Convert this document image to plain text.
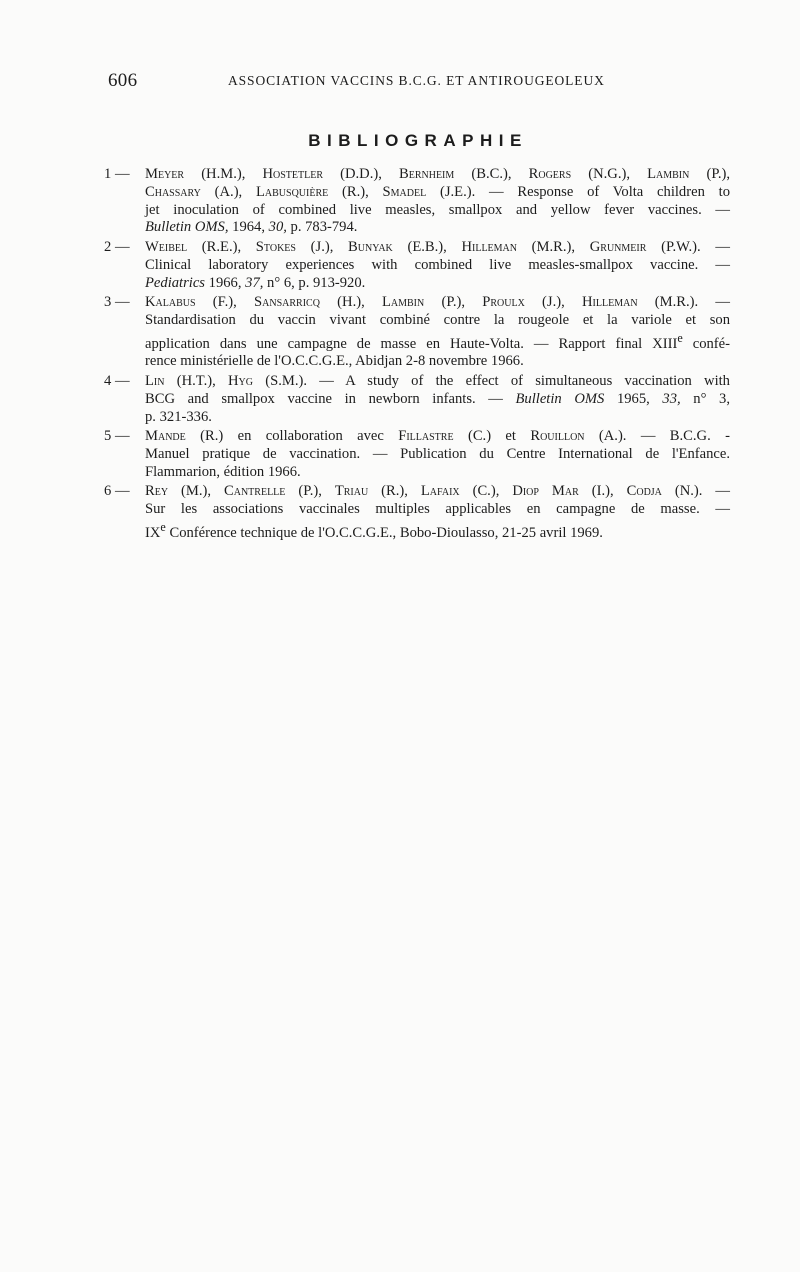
606	ASSOCIATION VACCINS B.C.G. ET ANTIROUGEOLEUX
BIBLIOGRAPHIE
1 — Meyer (H.M.), Hostetler (D.D.), Bernheim (B.C.), Rogers (N.G.), Lambin (P.),
Chassary (A.), Labusquière (R.), Smadel (J.E.). — Response of Volta children to
jet inoculation of combined live measles, smallpox and yellow fever vaccines. —
Bulletin OMS, 1964, 30, p. 783-794.
2 — Weibel (R.E.), Stokes (J.), Bunyak (E.B.), Hilleman (M.R.), Grunmeir (P.W.). —
Clinical laboratory experiences with combined live measles-smallpox vaccine. —
Pediatrics 1966, 37, n° 6, p. 913-920.
3 — Kalabus (F.), Sansarricq (H.), Lambin (P.), Proulx (J.), Hilleman (M.R.). —
Standardisation du vaccin vivant combiné contre la rougeole et la variole et son
application dans une campagne de masse en Haute-Volta. — Rapport final XIIIe confé-
rence ministérielle de l'O.C.C.G.E., Abidjan 2-8 novembre 1966.
4 — Lin (H.T.), Hyg (S.M.). — A study of the effect of simultaneous vaccination with
BCG and smallpox vaccine in newborn infants. — Bulletin OMS 1965, 33, n° 3,
p. 321-336.
5 — Mande (R.) en collaboration avec Fillastre (C.) et Rouillon (A.). — B.C.G. -
Manuel pratique de vaccination. — Publication du Centre International de l'Enfance.
Flammarion, édition 1966.
6 — Rey (M.), Cantrelle (P.), Triau (R.), Lafaix (C.), Diop Mar (I.), Codja (N.). —
Sur les associations vaccinales multiples applicables en campagne de masse. —
IXe Conférence technique de l'O.C.C.G.E., Bobo-Dioulasso, 21-25 avril 1969.
